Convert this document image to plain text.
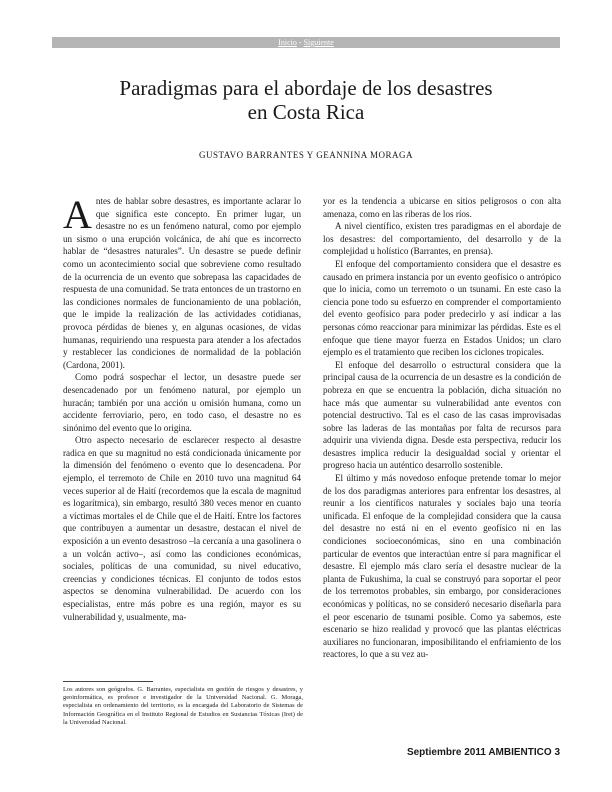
Inicio - Siguiente
Paradigmas para el abordaje de los desastres
en Costa Rica
GUSTAVO BARRANTES Y GEANNINA MORAGA

Antes de hablar sobre desastres, es importante aclarar lo que significa este concepto. En primer lugar, un desastre no es un fenómeno natural, como por ejemplo un sismo o una erupción volcánica, de ahí que es incorrecto hablar de “desastres naturales”. Un desastre se puede definir como un acontecimiento social que sobreviene como resultado de la ocurrencia de un evento que sobrepasa las capacidades de respuesta de una comunidad. Se trata entonces de un trastorno en las condiciones normales de funcionamiento de una población, que le impide la realización de las actividades cotidianas, provoca pérdidas de bienes y, en algunas ocasiones, de vidas humanas, requiriendo una respuesta para atender a los afectados y restablecer las condiciones de normalidad de la población (Cardona, 2001).

Como podrá sospechar el lector, un desastre puede ser desencadenado por un fenómeno natural, por ejemplo un huracán; también por una acción u omisión humana, como un accidente ferroviario, pero, en todo caso, el desastre no es sinónimo del evento que lo origina.

Otro aspecto necesario de esclarecer respecto al desastre radica en que su magnitud no está condicionada únicamente por la dimensión del fenómeno o evento que lo desencadena. Por ejemplo, el terremoto de Chile en 2010 tuvo una magnitud 64 veces superior al de Haití (recordemos que la escala de magnitud es logarítmica), sin embargo, resultó 380 veces menor en cuanto a víctimas mortales el de Chile que el de Haití. Entre los factores que contribuyen a aumentar un desastre, destacan el nivel de exposición a un evento desastroso –la cercanía a una gasolinera o a un volcán activo–, así como las condiciones económicas, sociales, políticas de una comunidad, su nivel educativo, creencias y condiciones técnicas. El conjunto de todos estos aspectos se denomina vulnerabilidad. De acuerdo con los especialistas, entre más pobre es una región, mayor es su vulnerabilidad y, usualmente, ma-

yor es la tendencia a ubicarse en sitios peligrosos o con alta amenaza, como en las riberas de los ríos.

A nivel científico, existen tres paradigmas en el abordaje de los desastres: del comportamiento, del desarrollo y de la complejidad u holístico (Barrantes, en prensa).

El enfoque del comportamiento considera que el desastre es causado en primera instancia por un evento geofísico o antrópico que lo inicia, como un terremoto o un tsunami. En este caso la ciencia pone todo su esfuerzo en comprender el comportamiento del evento geofísico para poder predecirlo y así indicar a las personas cómo reaccionar para minimizar las pérdidas. Este es el enfoque que tiene mayor fuerza en Estados Unidos; un claro ejemplo es el tratamiento que reciben los ciclones tropicales.

El enfoque del desarrollo o estructural considera que la principal causa de la ocurrencia de un desastre es la condición de pobreza en que se encuentra la población, dicha situación no hace más que aumentar su vulnerabilidad ante eventos con potencial destructivo. Tal es el caso de las casas improvisadas sobre las laderas de las montañas por falta de recursos para adquirir una vivienda digna. Desde esta perspectiva, reducir los desastres implica reducir la desigualdad social y orientar el progreso hacia un auténtico desarrollo sostenible.

El último y más novedoso enfoque pretende tomar lo mejor de los dos paradigmas anteriores para enfrentar los desastres, al reunir a los científicos naturales y sociales bajo una teoría unificada. El enfoque de la complejidad considera que la causa del desastre no está ni en el evento geofísico ni en las condiciones socioeconómicas, sino en una combinación particular de eventos que interactúan entre sí para magnificar el desastre. El ejemplo más claro sería el desastre nuclear de la planta de Fukushima, la cual se construyó para soportar el peor de los terremotos probables, sin embargo, por consideraciones económicas y políticas, no se consideró necesario diseñarla para el peor escenario de tsunami posible. Como ya sabemos, este escenario se hizo realidad y provocó que las plantas eléctricas auxiliares no funcionaran, imposibilitando el enfriamiento de los reactores, lo que a su vez au-

Los autores son geógrafos. G. Barrantes, especialista en gestión de riesgos y desastres, y geoinformática, es profesor e investigador de la Universidad Nacional. G. Moraga, especialista en ordenamiento del territorio, es la encargada del Laboratorio de Sistemas de Información Geográfica en el Instituto Regional de Estudios en Sustancias Tóxicas (Iret) de la Universidad Nacional.
Septiembre 2011 AMBIENTICO 3
